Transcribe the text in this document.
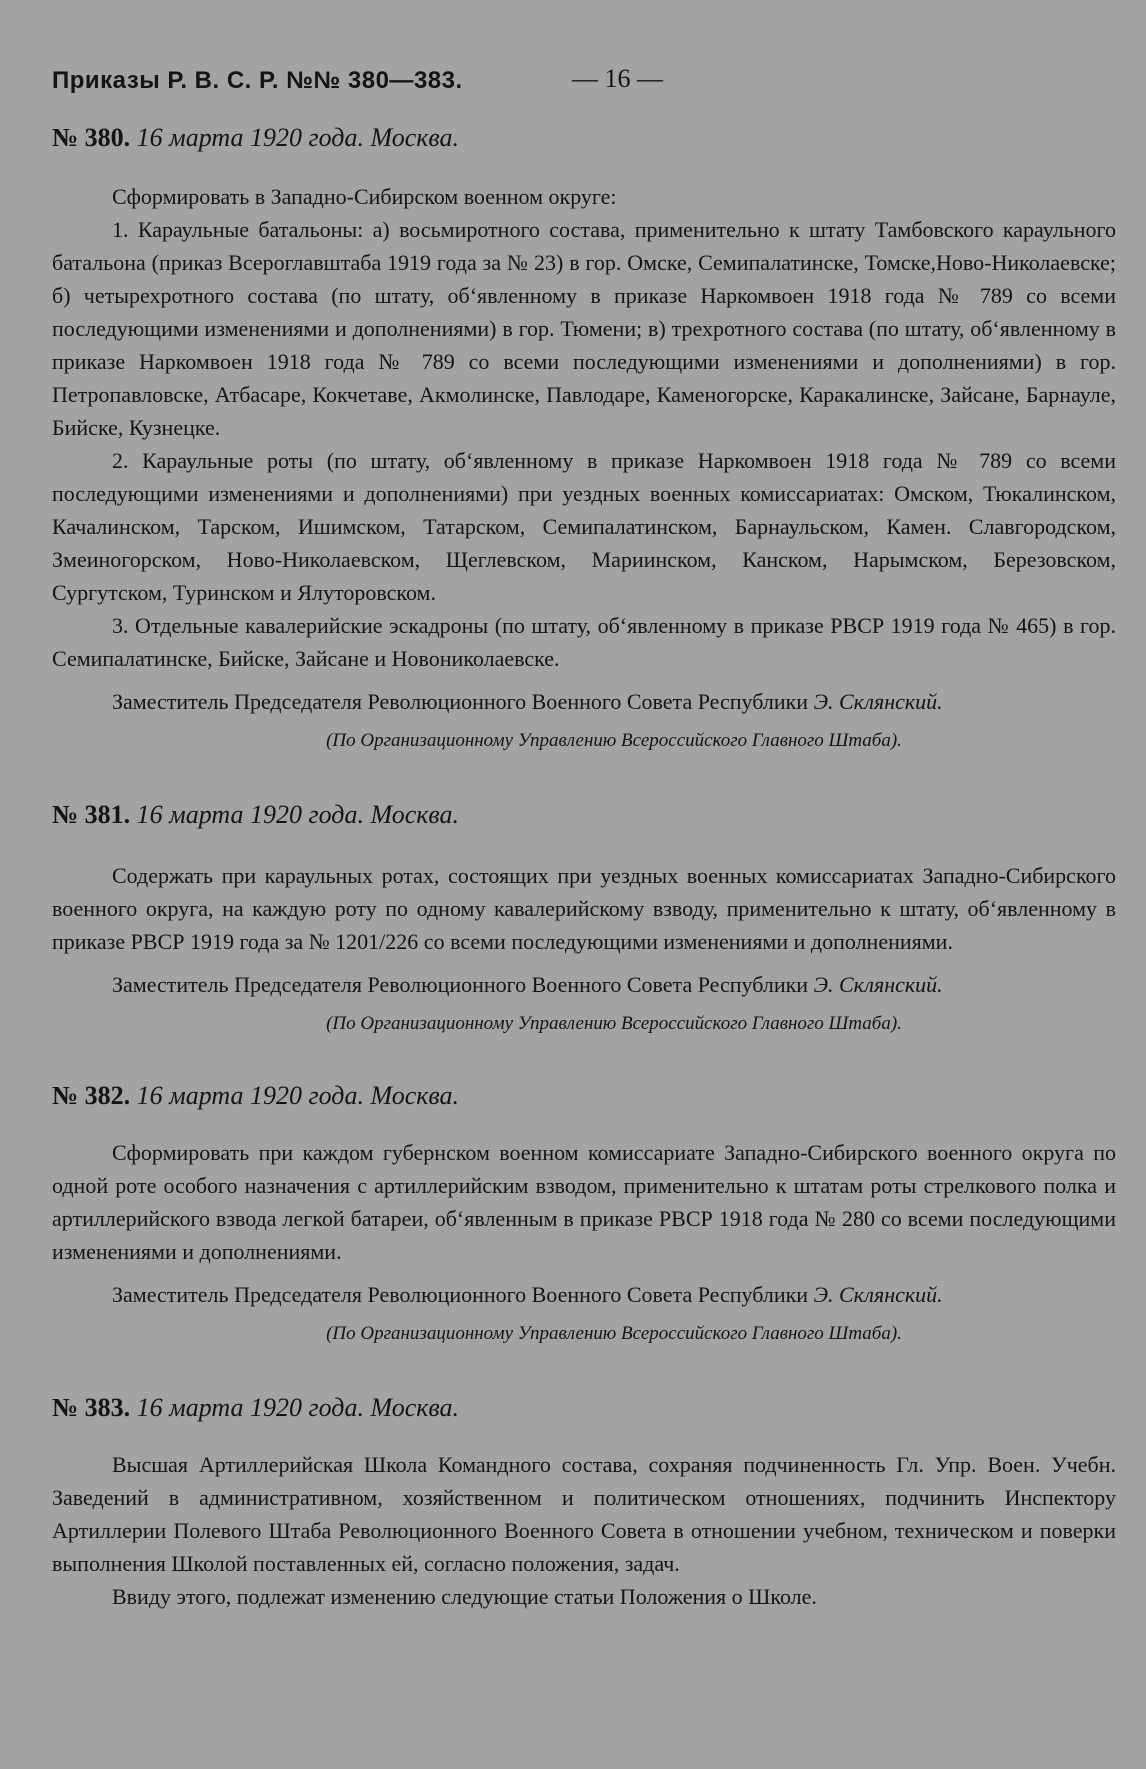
Приказы Р. В. С. Р. №№ 380—383.	— 16 —
№ 380. 16 марта 1920 года. Москва.

Сформировать в Западно-Сибирском военном округе:

1. Караульные батальоны: а) восьмиротного состава, применительно к штату Тамбовского караульного батальона (приказ Всероглавштаба 1919 года за № 23) в гор. Омске, Семипалатинске, Томске,Ново-Николаевске; б) четырехротного состава (по штату, об‘явленному в приказе Наркомвоен 1918 года № 789 со всеми последующими изменениями и дополнениями) в гор. Тюмени; в) трехротного состава (по штату, об‘явленному в приказе Наркомвоен 1918 года № 789 со всеми последующими изменениями и дополнениями) в гор. Петропавловске, Атбасаре, Кокчетаве, Акмолинске, Павлодаре, Каменогорске, Каракалинске, Зайсане, Барнауле, Бийске, Кузнецке.

2. Караульные роты (по штату, об‘явленному в приказе Наркомвоен 1918 года № 789 со всеми последующими изменениями и дополнениями) при уездных военных комиссариатах: Омском, Тюкалинском, Качалинском, Тарском, Ишимском, Татарском, Семипалатинском, Барнаульском, Камен. Славгородском, Змеиногорском, Ново-Николаевском, Щеглевском, Мариинском, Канском, Нарымском, Березовском, Сургутском, Туринском и Ялуторовском.

3. Отдельные кавалерийские эскадроны (по штату, об‘явленному в приказе РВСР 1919 года № 465) в гор. Семипалатинске, Бийске, Зайсане и Новониколаевске.

Заместитель Председателя Революционного Военного Совета Республики Э. Склянский.

(По Организационному Управлению Всероссийского Главного Штаба).

№ 381. 16 марта 1920 года. Москва.

Содержать при караульных ротах, состоящих при уездных военных комиссариатах Западно-Сибирского военного округа, на каждую роту по одному кавалерийскому взводу, применительно к штату, об‘явленному в приказе РВСР 1919 года за № 1201/226 со всеми последующими изменениями и дополнениями.

Заместитель Председателя Революционного Военного Совета Республики Э. Склянский.

(По Организационному Управлению Всероссийского Главного Штаба).

№ 382. 16 марта 1920 года. Москва.

Сформировать при каждом губернском военном комиссариате Западно-Сибирского военного округа по одной роте особого назначения с артиллерийским взводом, применительно к штатам роты стрелкового полка и артиллерийского взвода легкой батареи, об‘явленным в приказе РВСР 1918 года № 280 со всеми последующими изменениями и дополнениями.

Заместитель Председателя Революционного Военного Совета Республики Э. Склянский.

(По Организационному Управлению Всероссийского Главного Штаба).

№ 383. 16 марта 1920 года. Москва.

Высшая Артиллерийская Школа Командного состава, сохраняя подчиненность Гл. Упр. Воен. Учебн. Заведений в административном, хозяйственном и политическом отношениях, подчинить Инспектору Артиллерии Полевого Штаба Революционного Военного Совета в отношении учебном, техническом и поверки выполнения Школой поставленных ей, согласно положения, задач.

Ввиду этого, подлежат изменению следующие статьи Положения о Школе.
